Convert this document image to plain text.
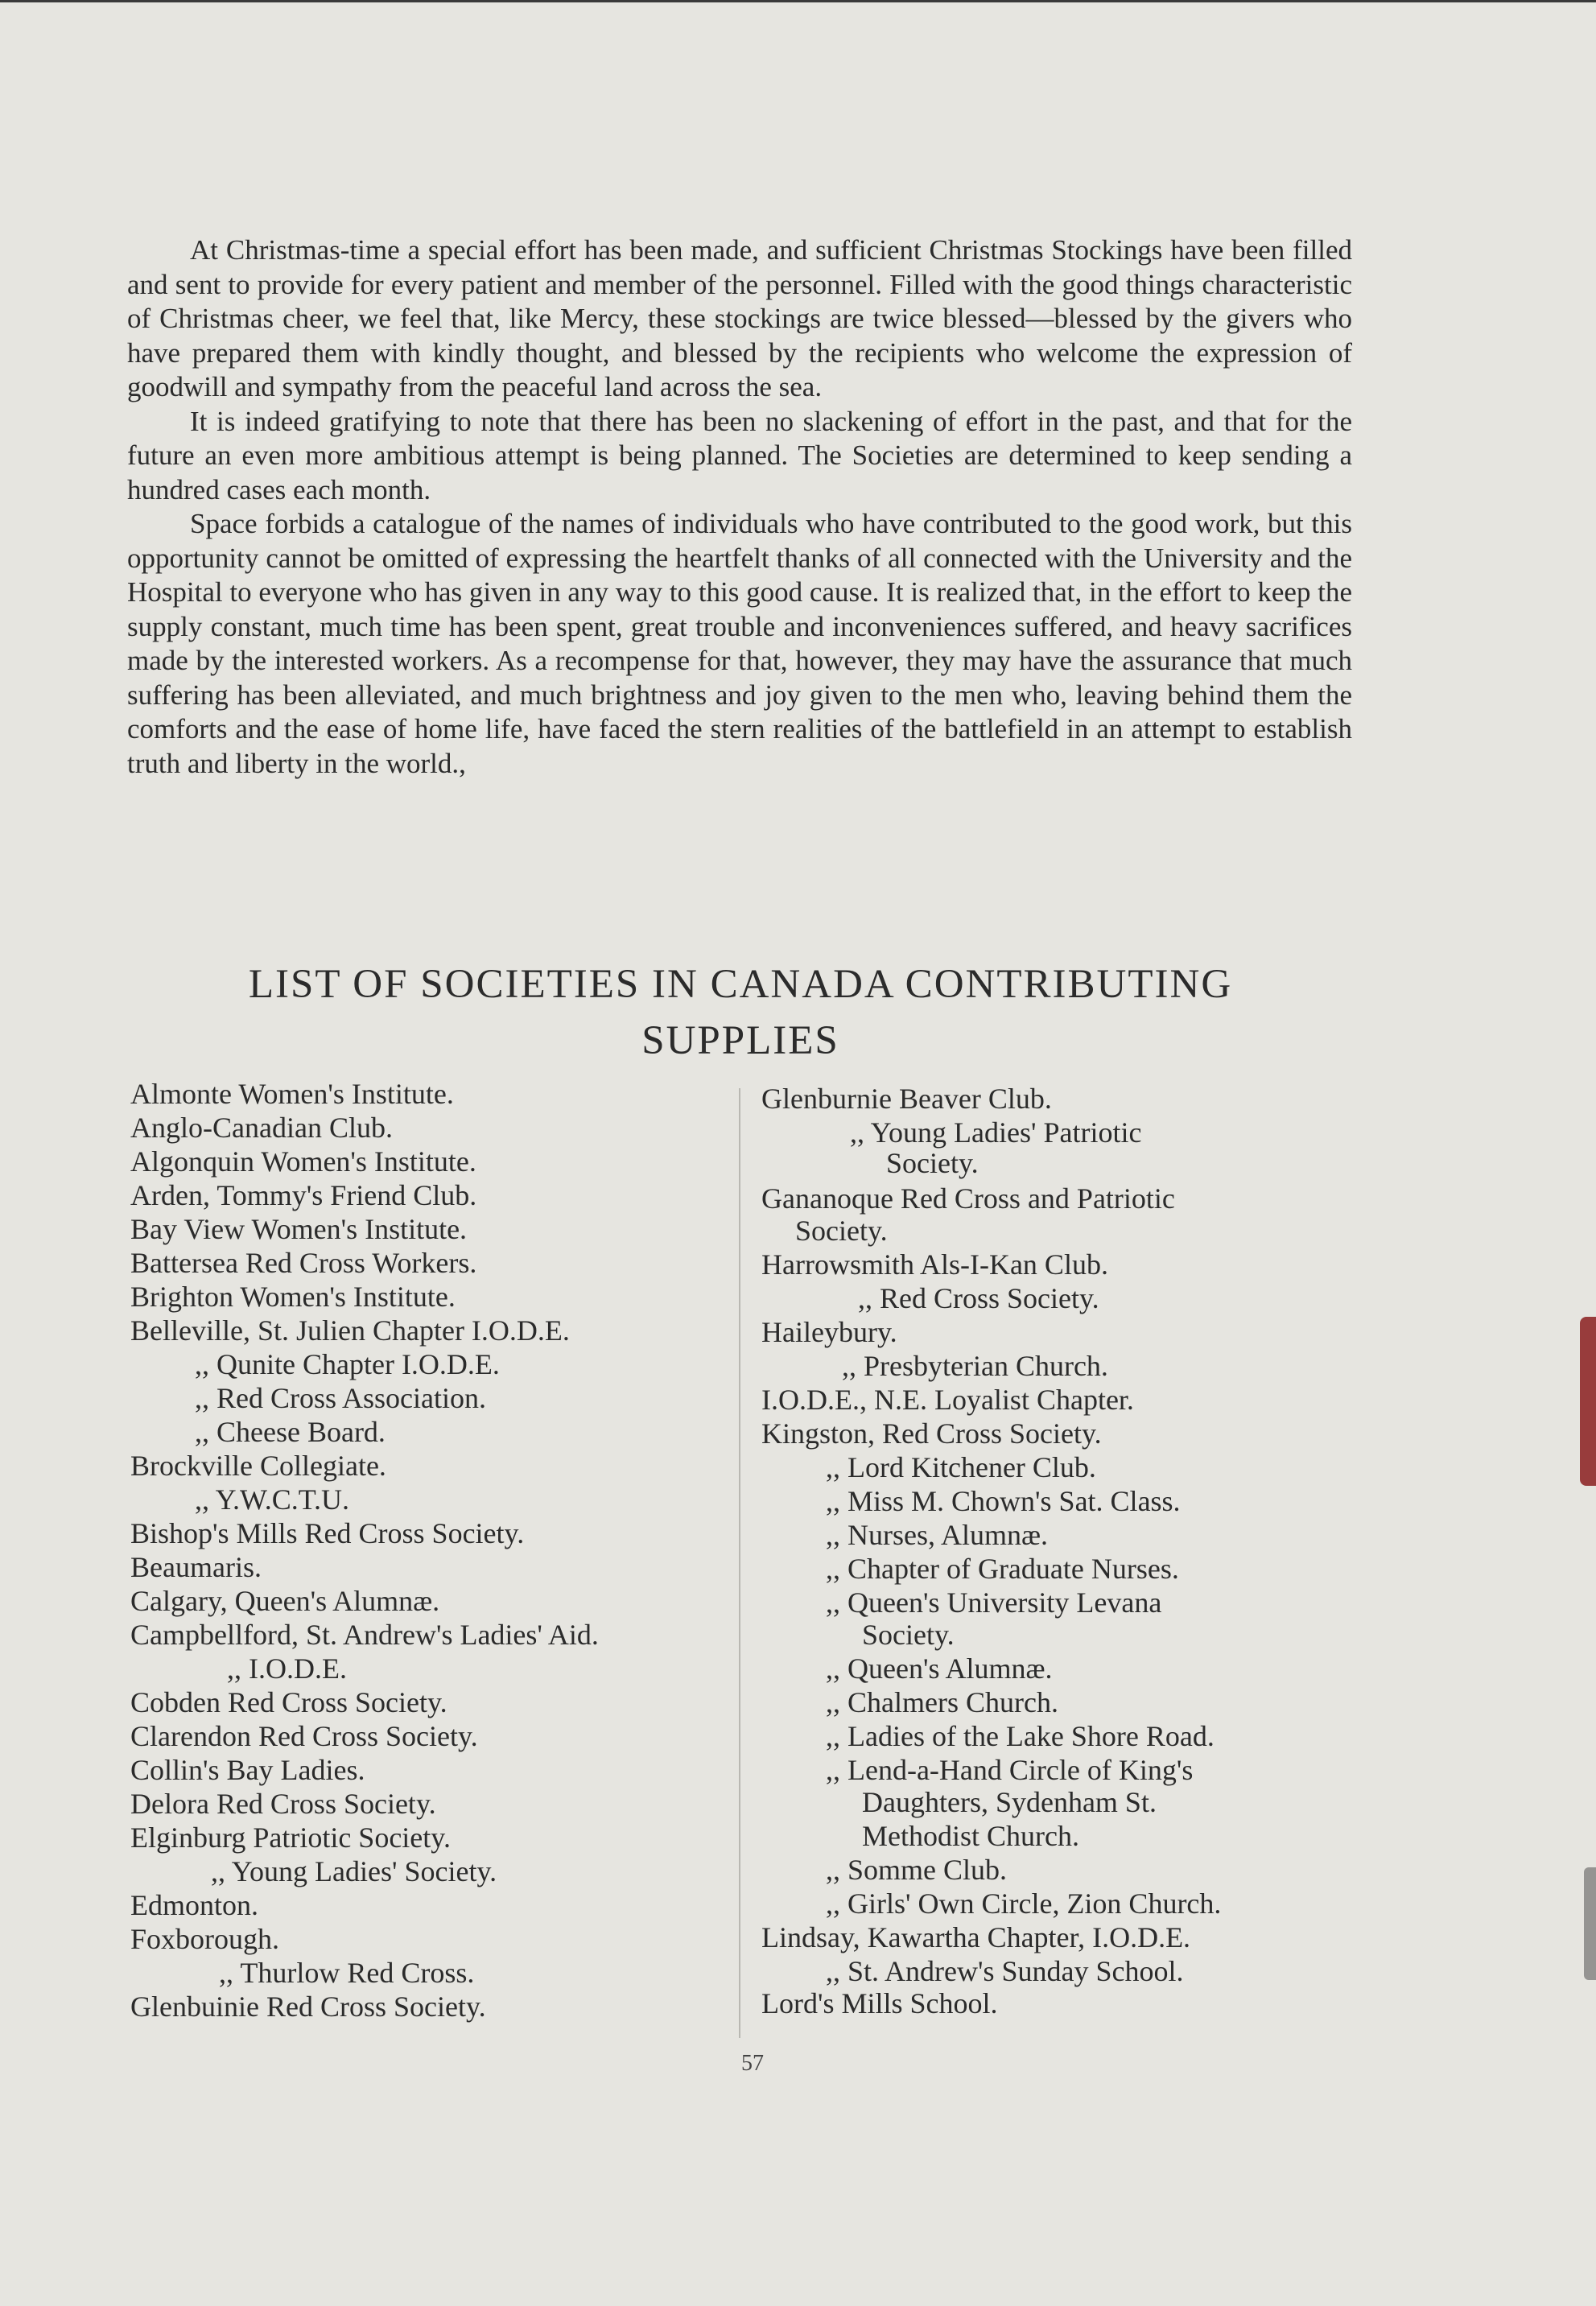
At Christmas-time a special effort has been made, and sufficient Christmas Stockings have been filled and sent to provide for every patient and member of the personnel. Filled with the good things characteristic of Christmas cheer, we feel that, like Mercy, these stockings are twice blessed—blessed by the givers who have prepared them with kindly thought, and blessed by the recipients who welcome the expression of goodwill and sympathy from the peaceful land across the sea.

It is indeed gratifying to note that there has been no slackening of effort in the past, and that for the future an even more ambitious attempt is being planned. The Societies are determined to keep sending a hundred cases each month.

Space forbids a catalogue of the names of individuals who have contributed to the good work, but this opportunity cannot be omitted of expressing the heartfelt thanks of all connected with the University and the Hospital to everyone who has given in any way to this good cause. It is realized that, in the effort to keep the supply constant, much time has been spent, great trouble and inconveniences suffered, and heavy sacrifices made by the interested workers. As a recompense for that, however, they may have the assurance that much suffering has been alleviated, and much brightness and joy given to the men who, leaving behind them the comforts and the ease of home life, have faced the stern realities of the battlefield in an attempt to establish truth and liberty in the world.,

LIST OF SOCIETIES IN CANADA CONTRIBUTING
SUPPLIES
Almonte Women's Institute.
Anglo-Canadian Club.
Algonquin Women's Institute.
Arden, Tommy's Friend Club.
Bay View Women's Institute.
Battersea Red Cross Workers.
Brighton Women's Institute.
Belleville, St. Julien Chapter I.O.D.E.
,, Qunite Chapter I.O.D.E.
,, Red Cross Association.
,, Cheese Board.
Brockville Collegiate.
,, Y.W.C.T.U.
Bishop's Mills Red Cross Society.
Beaumaris.
Calgary, Queen's Alumnæ.
Campbellford, St. Andrew's Ladies' Aid.
,, I.O.D.E.
Cobden Red Cross Society.
Clarendon Red Cross Society.
Collin's Bay Ladies.
Delora Red Cross Society.
Elginburg Patriotic Society.
,, Young Ladies' Society.
Edmonton.
Foxborough.
,, Thurlow Red Cross.
Glenbuinie Red Cross Society.
Glenburnie Beaver Club.
,, Young Ladies' Patriotic
Society.
Gananoque Red Cross and Patriotic
Society.
Harrowsmith Als-I-Kan Club.
,, Red Cross Society.
Haileybury.
,, Presbyterian Church.
I.O.D.E., N.E. Loyalist Chapter.
Kingston, Red Cross Society.
,, Lord Kitchener Club.
,, Miss M. Chown's Sat. Class.
,, Nurses, Alumnæ.
,, Chapter of Graduate Nurses.
,, Queen's University Levana
Society.
,, Queen's Alumnæ.
,, Chalmers Church.
,, Ladies of the Lake Shore Road.
,, Lend-a-Hand Circle of King's
Daughters, Sydenham St.
Methodist Church.
,, Somme Club.
,, Girls' Own Circle, Zion Church.
Lindsay, Kawartha Chapter, I.O.D.E.
,, St. Andrew's Sunday School.
Lord's Mills School.
57
